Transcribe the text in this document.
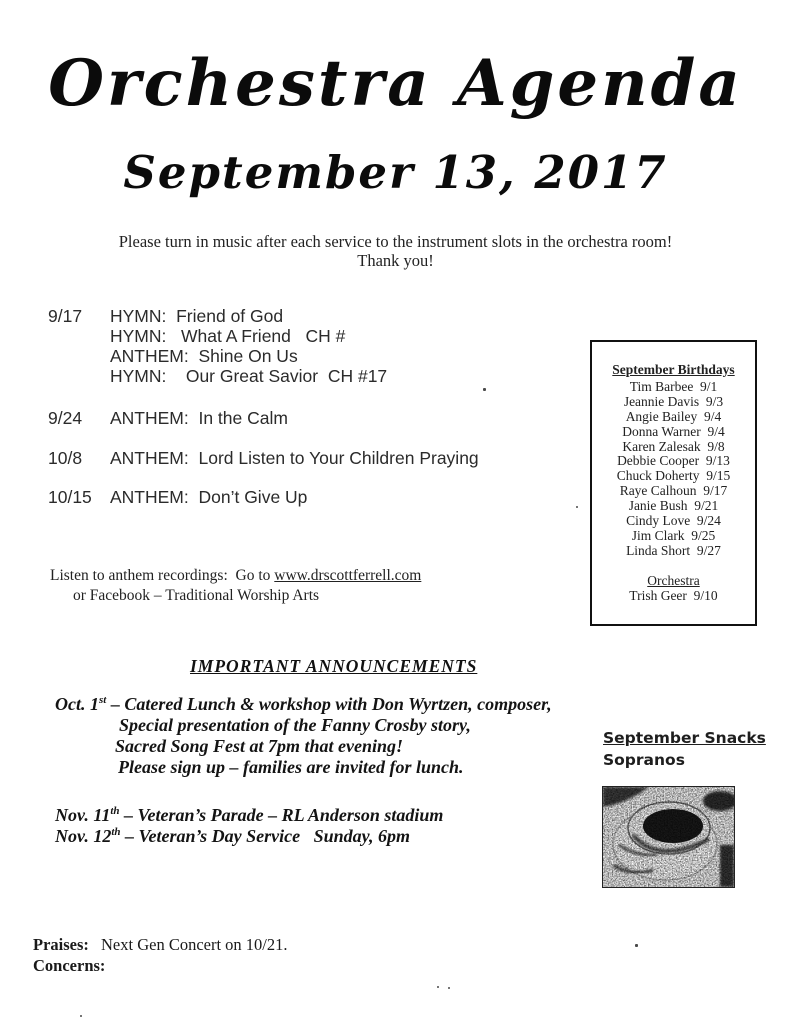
Orchestra Agenda
September 13, 2017
Please turn in music after each service to the instrument slots in the orchestra room!
Thank you!
9/17	HYMN:  Friend of God
HYMN:   What A Friend   CH #
ANTHEM:  Shine On Us
HYMN:    Our Great Savior  CH #17
9/24	ANTHEM:  In the Calm
10/8	ANTHEM:  Lord Listen to Your Children Praying
10/15	ANTHEM:  Don’t Give Up
September Birthdays
Tim Barbee  9/1
Jeannie Davis  9/3
Angie Bailey  9/4
Donna Warner  9/4
Karen Zalesak  9/8
Debbie Cooper  9/13
Chuck Doherty  9/15
Raye Calhoun  9/17
Janie Bush  9/21
Cindy Love  9/24
Jim Clark  9/25
Linda Short  9/27
Orchestra
Trish Geer  9/10
Listen to anthem recordings:  Go to www.drscottferrell.com
or Facebook – Traditional Worship Arts
IMPORTANT ANNOUNCEMENTS
Oct. 1st – Catered Lunch & workshop with Don Wyrtzen, composer,
Special presentation of the Fanny Crosby story,
Sacred Song Fest at 7pm that evening!
Please sign up – families are invited for lunch.
Nov. 11th – Veteran’s Parade – RL Anderson stadium
Nov. 12th – Veteran’s Day Service   Sunday, 6pm
September Snacks
Sopranos
Praises: Next Gen Concert on 10/21.
Concerns:
